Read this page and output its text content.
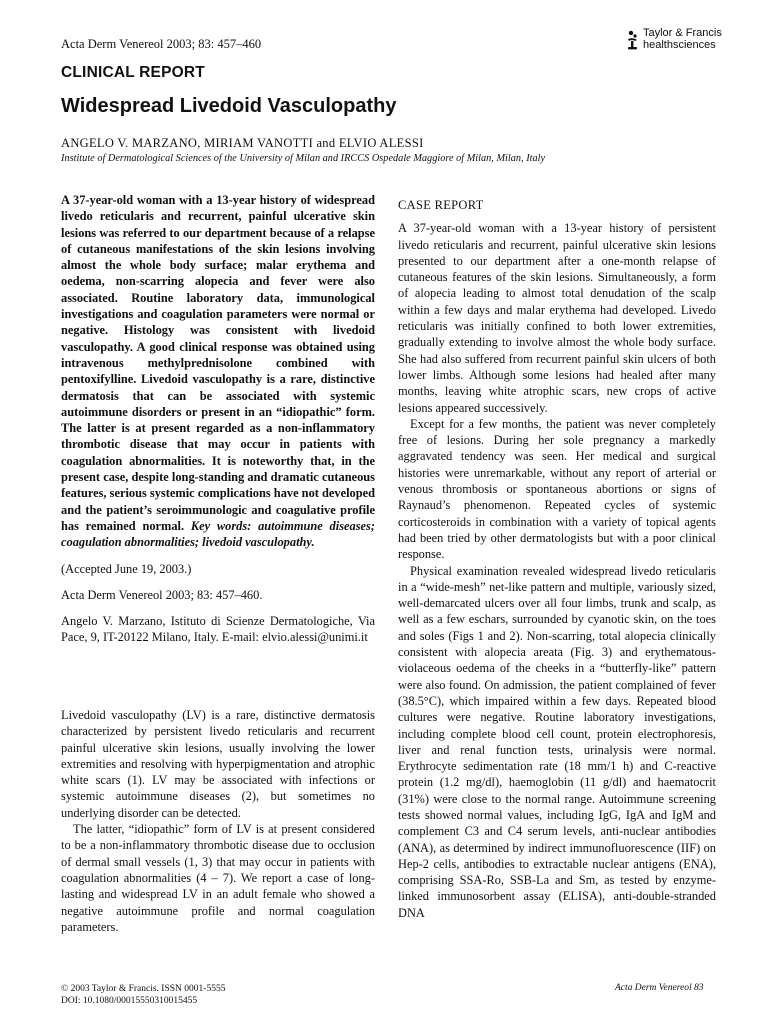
Acta Derm Venereol 2003; 83: 457–460
Taylor & Francis
healthsciences
CLINICAL REPORT
Widespread Livedoid Vasculopathy
ANGELO V. MARZANO, MIRIAM VANOTTI and ELVIO ALESSI
Institute of Dermatological Sciences of the University of Milan and IRCCS Ospedale Maggiore of Milan, Milan, Italy

A 37-year-old woman with a 13-year history of widespread livedo reticularis and recurrent, painful ulcerative skin lesions was referred to our department because of a relapse of cutaneous manifestations of the skin lesions involving almost the whole body surface; malar erythema and oedema, non-scarring alopecia and fever were also associated. Routine laboratory data, immunological investigations and coagulation parameters were normal or negative. Histology was consistent with livedoid vasculopathy. A good clinical response was obtained using intravenous methylprednisolone combined with pentoxifylline. Livedoid vasculopathy is a rare, distinctive dermatosis that can be associated with systemic autoimmune disorders or present in an “idiopathic” form. The latter is at present regarded as a non-inflammatory thrombotic disease that may occur in patients with coagulation abnormalities. It is noteworthy that, in the present case, despite long-standing and dramatic cutaneous features, serious systemic complications have not developed and the patient’s seroimmunologic and coagulative profile has remained normal. Key words: autoimmune diseases; coagulation abnormalities; livedoid vasculopathy.

(Accepted June 19, 2003.)

Acta Derm Venereol 2003; 83: 457–460.

Angelo V. Marzano, Istituto di Scienze Dermatologiche, Via Pace, 9, IT-20122 Milano, Italy. E-mail: elvio.alessi@unimi.it

Livedoid vasculopathy (LV) is a rare, distinctive dermatosis characterized by persistent livedo reticularis and recurrent painful ulcerative skin lesions, usually involving the lower extremities and resolving with hyperpigmentation and atrophic white scars (1). LV may be associated with infections or systemic autoimmune diseases (2), but sometimes no underlying disorder can be detected.

The latter, “idiopathic” form of LV is at present considered to be a non-inflammatory thrombotic disease due to occlusion of dermal small vessels (1, 3) that may occur in patients with coagulation abnormalities (4 – 7). We report a case of long-lasting and widespread LV in an adult female who showed a negative autoimmune profile and normal coagulation parameters.

CASE REPORT

A 37-year-old woman with a 13-year history of persistent livedo reticularis and recurrent, painful ulcerative skin lesions presented to our department after a one-month relapse of cutaneous features of the skin lesions. Simultaneously, a form of alopecia leading to almost total denudation of the scalp within a few days and malar erythema had developed. Livedo reticularis was initially confined to both lower extremities, gradually extending to involve almost the whole body surface. She had also suffered from recurrent painful skin ulcers of both lower limbs. Although some lesions had healed after many months, leaving white atrophic scars, new crops of active lesions appeared successively.

Except for a few months, the patient was never completely free of lesions. During her sole pregnancy a markedly aggravated tendency was seen. Her medical and surgical histories were unremarkable, without any report of arterial or venous thrombosis or spontaneous abortions or signs of Raynaud’s phenomenon. Repeated cycles of systemic corticosteroids in combination with a variety of topical agents had been tried by other dermatologists but with a poor clinical response.

Physical examination revealed widespread livedo reticularis in a “wide-mesh” net-like pattern and multiple, variously sized, well-demarcated ulcers over all four limbs, trunk and scalp, as well as a few eschars, surrounded by cyanotic skin, on the toes and soles (Figs 1 and 2). Non-scarring, total alopecia clinically consistent with alopecia areata (Fig. 3) and erythematous-violaceous oedema of the cheeks in a “butterfly-like” pattern were also found. On admission, the patient complained of fever (38.5°C), which impaired within a few days. Repeated blood cultures were negative. Routine laboratory investigations, including complete blood cell count, protein electrophoresis, liver and renal function tests, urinalysis were normal. Erythrocyte sedimentation rate (18 mm/1 h) and C-reactive protein (1.2 mg/dl), haemoglobin (11 g/dl) and haematocrit (31%) were close to the normal range. Autoimmune screening tests showed normal values, including IgG, IgA and IgM and complement C3 and C4 serum levels, anti-nuclear antibodies (ANA), as determined by indirect immunofluorescence (IIF) on Hep-2 cells, antibodies to extractable nuclear antigens (ENA), comprising SSA-Ro, SSB-La and Sm, as tested by enzyme-linked immunosorbent assay (ELISA), anti-double-stranded DNA

© 2003 Taylor & Francis. ISSN 0001-5555
DOI: 10.1080/00015550310015455
Acta Derm Venereol 83
